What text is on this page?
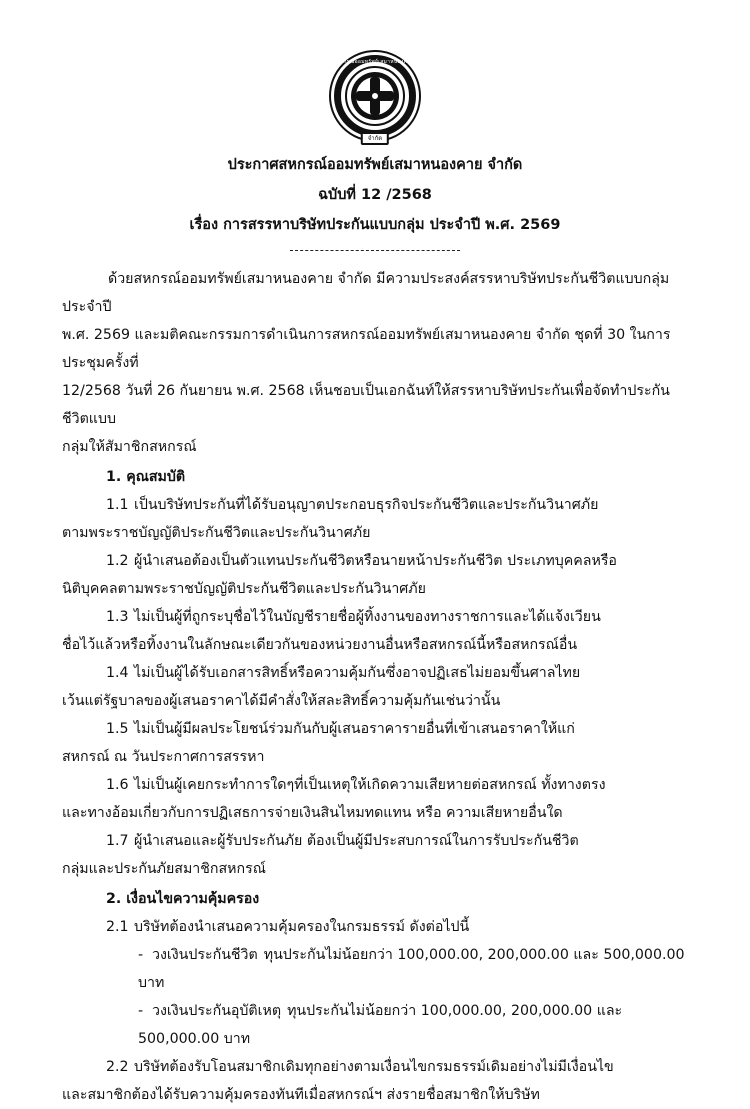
สหกรณ์ออมทรัพย์เสมาหนองคาย
จำกัด
ประกาศสหกรณ์ออมทรัพย์เสมาหนองคาย จำกัด
ฉบับที่ 12 /2568
เรื่อง การสรรหาบริษัทประกันแบบกลุ่ม ประจำปี พ.ศ. 2569

ด้วยสหกรณ์ออมทรัพย์เสมาหนองคาย จำกัด มีความประสงค์สรรหาบริษัทประกันชีวิตแบบกลุ่มประจำปี

พ.ศ. 2569 และมติคณะกรรมการดำเนินการสหกรณ์ออมทรัพย์เสมาหนองคาย จำกัด ชุดที่ 30 ในการประชุมครั้งที่

12/2568 วันที่ 26 กันยายน พ.ศ. 2568 เห็นชอบเป็นเอกฉันท์ให้สรรหาบริษัทประกันเพื่อจัดทำประกันชีวิตแบบ

กลุ่มให้สัมาชิกสหกรณ์

1. คุณสมบัติ

1.1 เป็นบริษัทประกันที่ได้รับอนุญาตประกอบธุรกิจประกันชีวิตและประกันวินาศภัย

ตามพระราชบัญญัติประกันชีวิตและประกันวินาศภัย

1.2 ผู้นำเสนอต้องเป็นตัวแทนประกันชีวิตหรือนายหน้าประกันชีวิต ประเภทบุคคลหรือ

นิติบุคคลตามพระราชบัญญัติประกันชีวิตและประกันวินาศภัย

1.3 ไม่เป็นผู้ที่ถูกระบุชื่อไว้ในบัญชีรายชื่อผู้ทิ้งงานของทางราชการและได้แจ้งเวียน

ชื่อไว้แล้วหรือทิ้งงานในลักษณะเดียวกันของหน่วยงานอื่นหรือสหกรณ์นี้หรือสหกรณ์อื่น

1.4 ไม่เป็นผู้ได้รับเอกสารสิทธิ์หรือความคุ้มกันซึ่งอาจปฏิเสธไม่ยอมขึ้นศาลไทย

เว้นแต่รัฐบาลของผู้เสนอราคาได้มีคำสั่งให้สละสิทธิ์ความคุ้มกันเช่นว่านั้น

1.5 ไม่เป็นผู้มีผลประโยชน์ร่วมกันกับผู้เสนอราคารายอื่นที่เข้าเสนอราคาให้แก่

สหกรณ์ ณ วันประกาศการสรรหา

1.6 ไม่เป็นผู้เคยกระทำการใดๆที่เป็นเหตุให้เกิดความเสียหายต่อสหกรณ์ ทั้งทางตรง

และทางอ้อมเกี่ยวกับการปฏิเสธการจ่ายเงินสินไหมทดแทน หรือ ความเสียหายอื่นใด

1.7 ผู้นำเสนอและผู้รับประกันภัย ต้องเป็นผู้มีประสบการณ์ในการรับประกันชีวิต

กลุ่มและประกันภัยสมาชิกสหกรณ์

2. เงื่อนไขความคุ้มครอง

2.1 บริษัทต้องนำเสนอความคุ้มครองในกรมธรรม์ ดังต่อไปนี้

- วงเงินประกันชีวิต ทุนประกันไม่น้อยกว่า 100,000.00, 200,000.00 และ 500,000.00 บาท

- วงเงินประกันอุบัติเหตุ ทุนประกันไม่น้อยกว่า 100,000.00, 200,000.00 และ 500,000.00 บาท

2.2 บริษัทต้องรับโอนสมาชิกเดิมทุกอย่างตามเงื่อนไขกรมธรรม์เดิมอย่างไม่มีเงื่อนไข

และสมาชิกต้องได้รับความคุ้มครองทันทีเมื่อสหกรณ์ฯ ส่งรายชื่อสมาชิกให้บริษัท
